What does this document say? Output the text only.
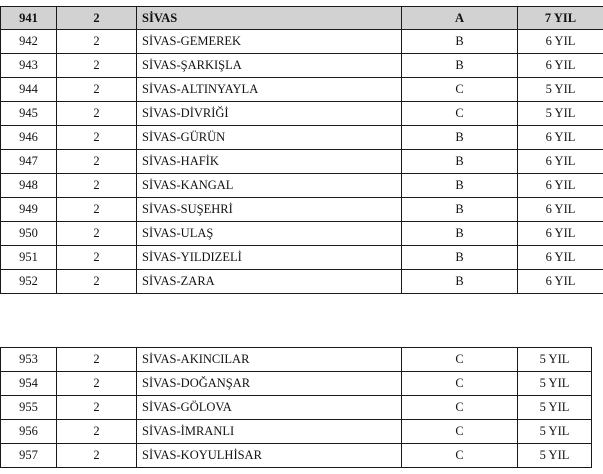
941	2	SİVAS	A	7 YIL
942	2	SİVAS-GEMEREK	B	6 YIL
943	2	SİVAS-ŞARKIŞLA	B	6 YIL
944	2	SİVAS-ALTINYAYLA	C	5 YIL
945	2	SİVAS-DİVRİĞİ	C	5 YIL
946	2	SİVAS-GÜRÜN	B	6 YIL
947	2	SİVAS-HAFİK	B	6 YIL
948	2	SİVAS-KANGAL	B	6 YIL
949	2	SİVAS-SUŞEHRİ	B	6 YIL
950	2	SİVAS-ULAŞ	B	6 YIL
951	2	SİVAS-YILDIZELİ	B	6 YIL
952	2	SİVAS-ZARA	B	6 YIL
953	2	SİVAS-AKINCILAR	C	5 YIL
954	2	SİVAS-DOĞANŞAR	C	5 YIL
955	2	SİVAS-GÖLOVA	C	5 YIL
956	2	SİVAS-İMRANLI	C	5 YIL
957	2	SİVAS-KOYULHİSAR	C	5 YIL
